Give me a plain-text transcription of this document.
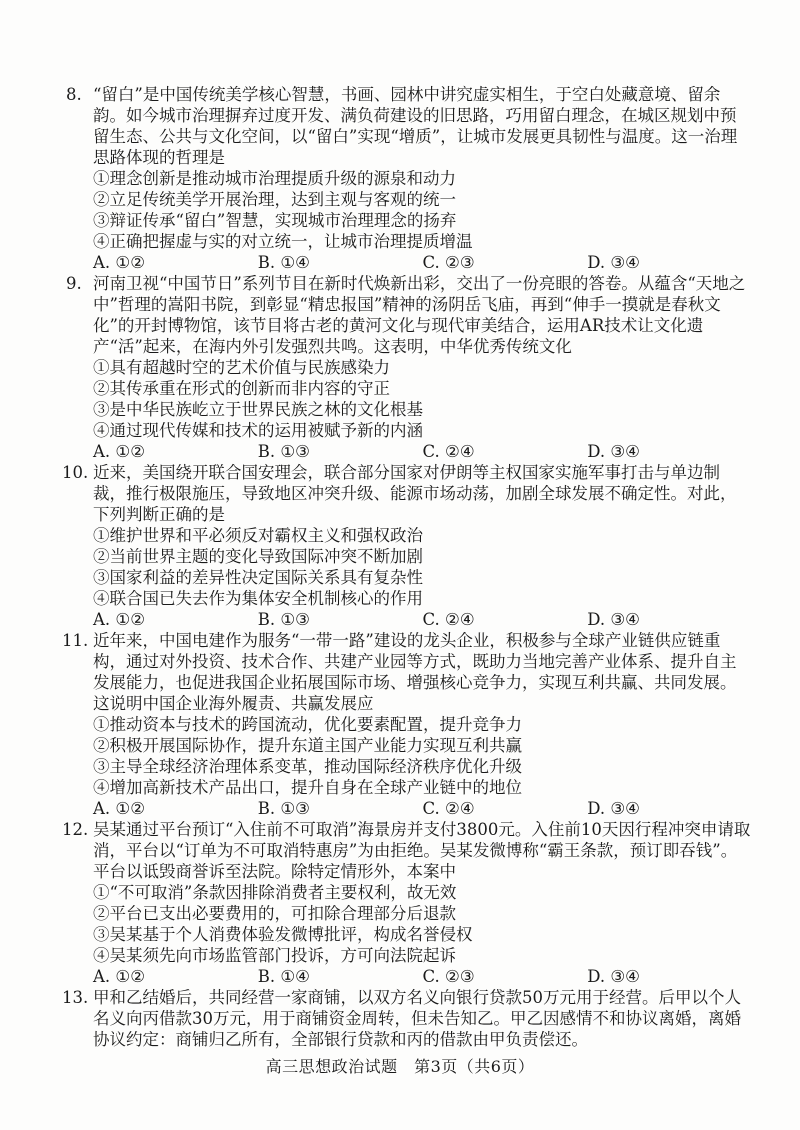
8. “留白”是中国传统美学核心智慧，书画、园林中讲究虚实相生，于空白处藏意境、留余韵。如今城市治理摒弃过度开发、满负荷建设的旧思路，巧用留白理念，在城区规划中预留生态、公共与文化空间，以“留白”实现“增质”，让城市发展更具韧性与温度。这一治理思路体现的哲理是
①理念创新是推动城市治理提质升级的源泉和动力
②立足传统美学开展治理，达到主观与客观的统一
③辩证传承“留白”智慧，实现城市治理理念的扬弃
④正确把握虚与实的对立统一，让城市治理提质增温
A. ①②	B. ①④	C. ②③	D. ③④
9. 河南卫视“中国节日”系列节目在新时代焕新出彩，交出了一份亮眼的答卷。从蕴含“天地之中”哲理的嵩阳书院，到彰显“精忠报国”精神的汤阴岳飞庙，再到“伸手一摸就是春秋文化”的开封博物馆，该节目将古老的黄河文化与现代审美结合，运用AR技术让文化遗产“活”起来，在海内外引发强烈共鸣。这表明，中华优秀传统文化
①具有超越时空的艺术价值与民族感染力
②其传承重在形式的创新而非内容的守正
③是中华民族屹立于世界民族之林的文化根基
④通过现代传媒和技术的运用被赋予新的内涵
A. ①②	B. ①③	C. ②④	D. ③④
10. 近来，美国绕开联合国安理会，联合部分国家对伊朗等主权国家实施军事打击与单边制裁，推行极限施压，导致地区冲突升级、能源市场动荡，加剧全球发展不确定性。对此，下列判断正确的是
①维护世界和平必须反对霸权主义和强权政治
②当前世界主题的变化导致国际冲突不断加剧
③国家利益的差异性决定国际关系具有复杂性
④联合国已失去作为集体安全机制核心的作用
A. ①②	B. ①③	C. ②④	D. ③④
11. 近年来，中国电建作为服务“一带一路”建设的龙头企业，积极参与全球产业链供应链重构，通过对外投资、技术合作、共建产业园等方式，既助力当地完善产业体系、提升自主发展能力，也促进我国企业拓展国际市场、增强核心竞争力，实现互利共赢、共同发展。这说明中国企业海外履责、共赢发展应
①推动资本与技术的跨国流动，优化要素配置，提升竞争力
②积极开展国际协作，提升东道主国产业能力实现互利共赢
③主导全球经济治理体系变革，推动国际经济秩序优化升级
④增加高新技术产品出口，提升自身在全球产业链中的地位
A. ①②	B. ①③	C. ②④	D. ③④
12. 吴某通过平台预订“入住前不可取消”海景房并支付3800元。入住前10天因行程冲突申请取消，平台以“订单为不可取消特惠房”为由拒绝。吴某发微博称“霸王条款，预订即吞钱”。平台以诋毁商誉诉至法院。除特定情形外，本案中
①“不可取消”条款因排除消费者主要权利，故无效
②平台已支出必要费用的，可扣除合理部分后退款
③吴某基于个人消费体验发微博批评，构成名誉侵权
④吴某须先向市场监管部门投诉，方可向法院起诉
A. ①②	B. ①④	C. ②③	D. ③④
13. 甲和乙结婚后，共同经营一家商铺，以双方名义向银行贷款50万元用于经营。后甲以个人名义向丙借款30万元，用于商铺资金周转，但未告知乙。甲乙因感情不和协议离婚，离婚协议约定：商铺归乙所有，全部银行贷款和丙的借款由甲负责偿还。
高三思想政治试题　第3页（共6页）
